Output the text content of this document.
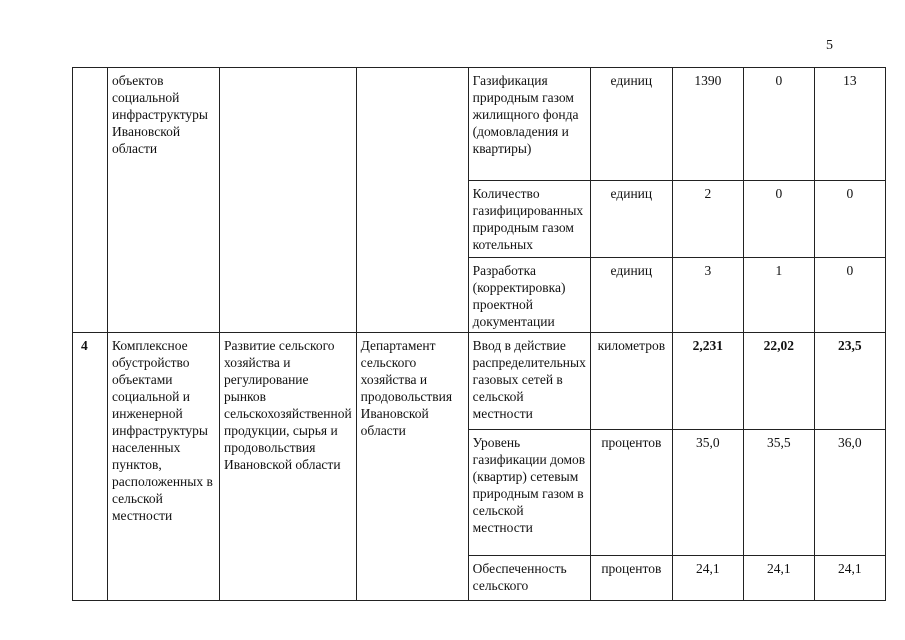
5
	объектов социальной инфраструктуры Ивановской области			Газификация природным газом жилищного фонда (домовладения и квартиры)	единиц	1390	0	13
				Количество газифицированных природным газом котельных	единиц	2	0	0
				Разработка (корректировка) проектной документации	единиц	3	1	0
4	Комплексное обустройство объектами социальной и инженерной инфраструктуры населенных пунктов, расположенных в сельской местности	Развитие сельского хозяйства и регулирование рынков сельскохозяйственной продукции, сырья и продовольствия Ивановской области	Департамент сельского хозяйства и продовольствия Ивановской области	Ввод в действие распределительных газовых сетей в сельской местности	километров	2,231	22,02	23,5
				Уровень газификации домов (квартир) сетевым природным газом в сельской местности	процентов	35,0	35,5	36,0
				Обеспеченность сельского	процентов	24,1	24,1	24,1
